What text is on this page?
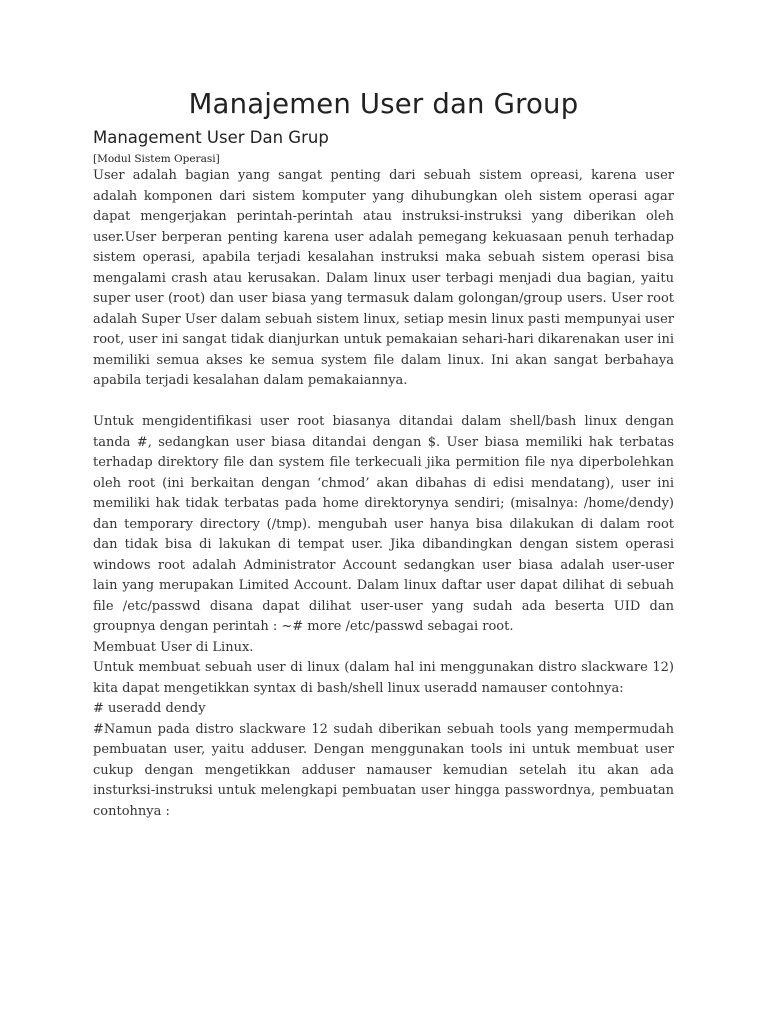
Manajemen User dan Group
Management User Dan Grup
[Modul Sistem Operasi]

User adalah bagian yang sangat penting dari sebuah sistem opreasi, karena user adalah komponen dari sistem komputer yang dihubungkan oleh sistem operasi agar dapat mengerjakan perintah-perintah atau instruksi-instruksi yang diberikan oleh user.User berperan penting karena user adalah pemegang kekuasaan penuh terhadap sistem operasi, apabila terjadi kesalahan instruksi maka sebuah sistem operasi bisa mengalami crash atau kerusakan. Dalam linux user terbagi menjadi dua bagian, yaitu super user (root) dan user biasa yang termasuk dalam golongan/group users. User root adalah Super User dalam sebuah sistem linux, setiap mesin linux pasti mempunyai user root, user ini sangat tidak dianjurkan untuk pemakaian sehari-hari dikarenakan user ini memiliki semua akses ke semua system file dalam linux. Ini akan sangat berbahaya apabila terjadi kesalahan dalam pemakaiannya.

Untuk mengidentifikasi user root biasanya ditandai dalam shell/bash linux dengan tanda #, sedangkan user biasa ditandai dengan $. User biasa memiliki hak terbatas terhadap direktory file dan system file terkecuali jika permition file nya diperbolehkan oleh root (ini berkaitan dengan ‘chmod’ akan dibahas di edisi mendatang), user ini memiliki hak tidak terbatas pada home direktorynya sendiri; (misalnya: /home/dendy) dan temporary directory (/tmp). mengubah user hanya bisa dilakukan di dalam root dan tidak bisa di lakukan di tempat user. Jika dibandingkan dengan sistem operasi windows root adalah Administrator Account sedangkan user biasa adalah user-user lain yang merupakan Limited Account. Dalam linux daftar user dapat dilihat di sebuah file /etc/passwd disana dapat dilihat user-user yang sudah ada beserta UID dan groupnya dengan perintah : ~# more /etc/passwd sebagai root.

Membuat User di Linux.

Untuk membuat sebuah user di linux (dalam hal ini menggunakan distro slackware 12) kita dapat mengetikkan syntax di bash/shell linux useradd namauser contohnya:

# useradd dendy

#Namun pada distro slackware 12 sudah diberikan sebuah tools yang mempermudah pembuatan user, yaitu adduser. Dengan menggunakan tools ini untuk membuat user cukup dengan mengetikkan adduser namauser kemudian setelah itu akan ada insturksi-instruksi untuk melengkapi pembuatan user hingga passwordnya, pembuatan contohnya :
